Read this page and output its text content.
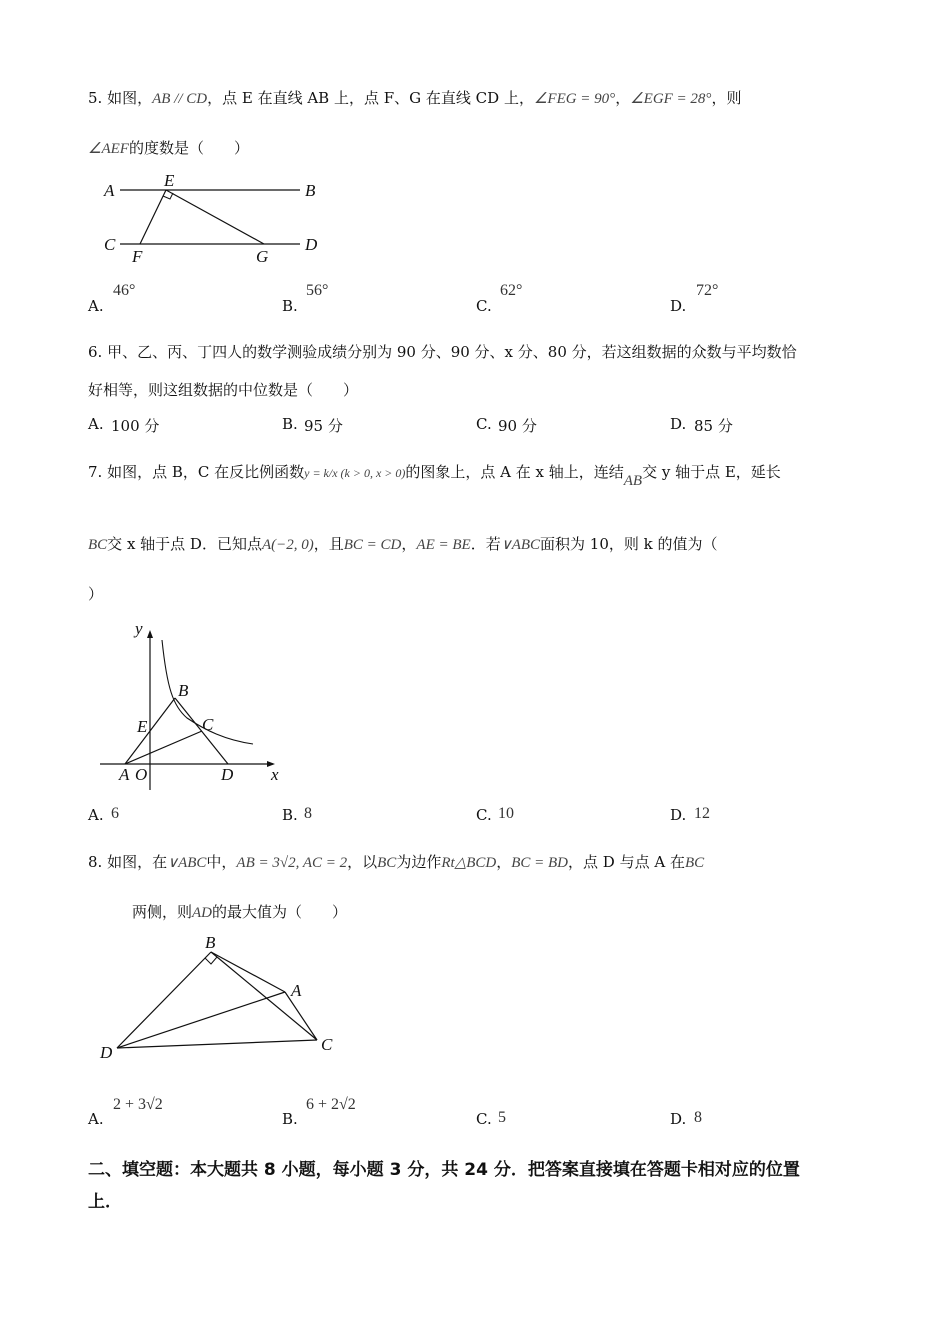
5. 如图，AB // CD，点 E 在直线 AB 上，点 F、G 在直线 CD 上，∠FEG = 90°，∠EGF = 28°，则
∠AEF的度数是（　　）
A	B
C	D
E
F	G
A.
46°
B.
56°
C.
62°
D.
72°
6. 甲、乙、丙、丁四人的数学测验成绩分别为 90 分、90 分、x 分、80 分，若这组数据的众数与平均数恰
好相等，则这组数据的中位数是（　　）
A. 100 分	B. 95 分	C. 90 分	D. 85 分
7. 如图，点 B，C 在反比例函数y = k/x (k > 0, x > 0)的图象上，点 A 在 x 轴上，连结AB交 y 轴于点 E，延长
BC交 x 轴于点 D．已知点A(−2, 0)，且BC = CD，AE = BE．若∨ABC面积为 10，则 k 的值为（
）
y
x
B
C
E
A O	D
A. 6	B. 8	C. 10	D. 12
8. 如图，在∨ABC中，AB = 3√2, AC = 2，以BC为边作Rt△BCD，BC = BD，点 D 与点 A 在BC
两侧，则AD的最大值为（　　）
B
A
D	C
A.
2 + 3√2
B.
6 + 2√2
C. 5	D. 8
二、填空题：本大题共 8 小题，每小题 3 分，共 24 分．把答案直接填在答题卡相对应的位置
上．
